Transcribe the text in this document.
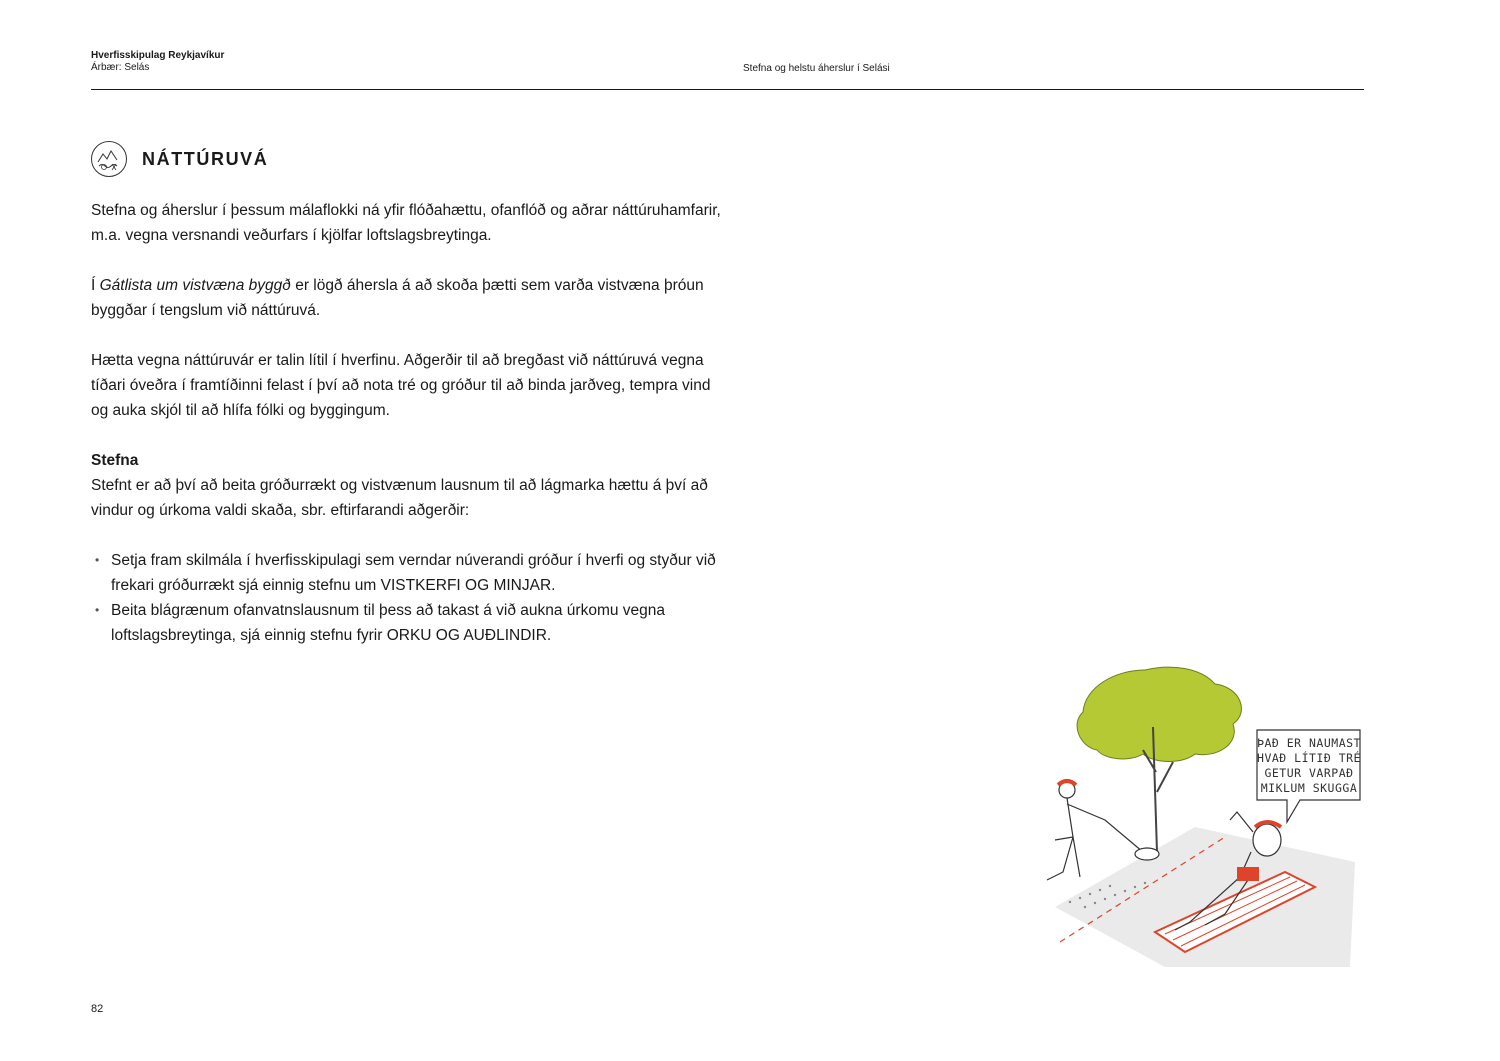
Hverfisskipulag Reykjavíkur
Árbær: Selás	Stefna og helstu áherslur í Selási
NÁTTÚRUVÁ

Stefna og áherslur í þessum málaflokki ná yfir flóðahættu, ofanflóð og aðrar náttúruhamfarir, m.a. vegna versnandi veðurfars í kjölfar loftslagsbreytinga.

Í Gátlista um vistvæna byggð er lögð áhersla á að skoða þætti sem varða vistvæna þróun byggðar í tengslum við náttúruvá.

Hætta vegna náttúruvár er talin lítil í hverfinu. Aðgerðir til að bregðast við náttúruvá vegna tíðari óveðra í framtíðinni felast í því að nota tré og gróður til að binda jarðveg, tempra vind og auka skjól til að hlífa fólki og byggingum.

Stefna

Stefnt er að því að beita gróðurrækt og vistvænum lausnum til að lágmarka hættu á því að vindur og úrkoma valdi skaða, sbr. eftirfarandi aðgerðir:

• Setja fram skilmála í hverfisskipulagi sem verndar núverandi gróður í hverfi og styður við frekari gróðurrækt sjá einnig stefnu um VISTKERFI OG MINJAR.
• Beita blágrænum ofanvatnslausnum til þess að takast á við aukna úrkomu vegna loftslagsbreytinga, sjá einnig stefnu fyrir ORKU OG AUÐLINDIR.
ÞAÐ ER NAUMAST
HVAÐ LÍTIÐ TRÉ
GETUR VARPAÐ
MIKLUM SKUGGA
82
